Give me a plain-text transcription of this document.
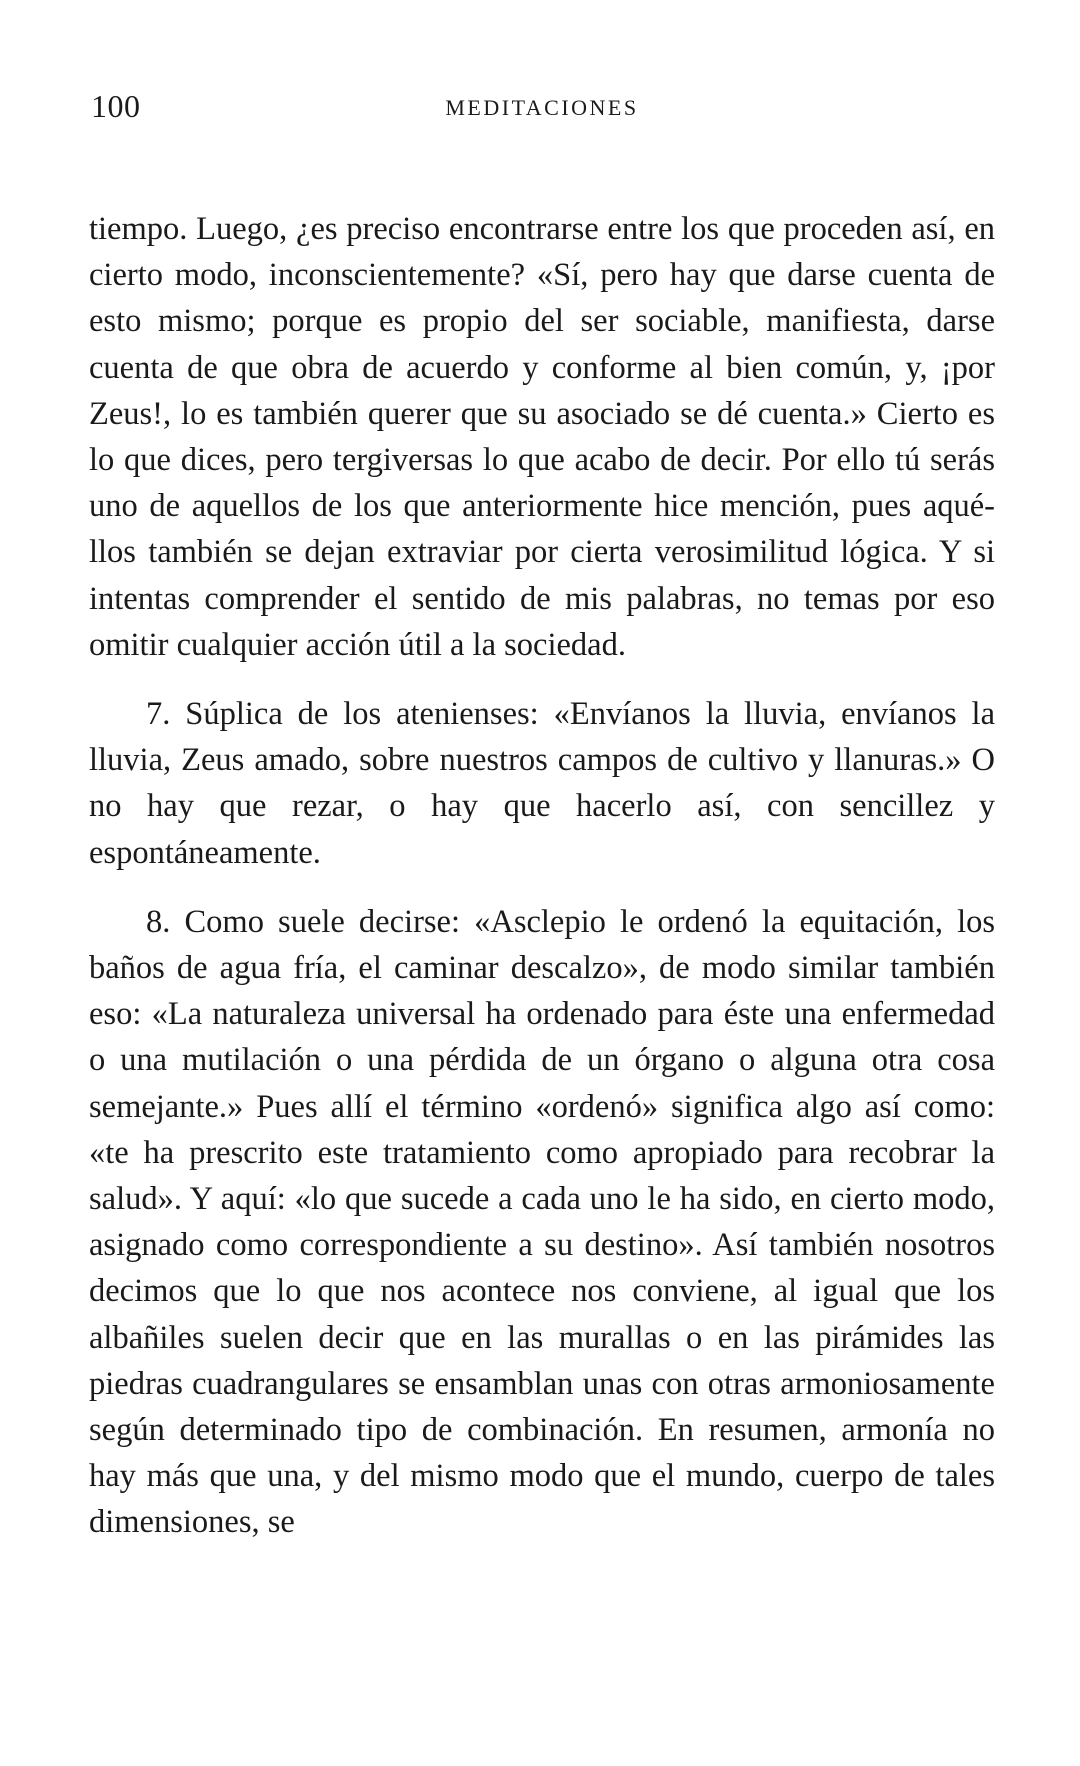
100	MEDITACIONES

tiempo. Luego, ¿es preciso encontrarse entre los que proceden así, en cierto modo, inconscientemente? «Sí, pero hay que darse cuenta de esto mismo; porque es propio del ser sociable, manifiesta, darse cuenta de que obra de acuerdo y conforme al bien común, y, ¡por Zeus!, lo es también querer que su asociado se dé cuenta.» Cierto es lo que dices, pero tergiversas lo que acabo de decir. Por ello tú serás uno de aquellos de los que anteriormente hice mención, pues aquéllos también se dejan extraviar por cierta verosimilitud lógica. Y si intentas comprender el sentido de mis palabras, no temas por eso omitir cualquier acción útil a la sociedad.

7. Súplica de los atenienses: «Envíanos la lluvia, envíanos la lluvia, Zeus amado, sobre nuestros campos de cultivo y llanuras.» O no hay que rezar, o hay que hacerlo así, con sencillez y espontáneamente.

8. Como suele decirse: «Asclepio le ordenó la equitación, los baños de agua fría, el caminar descalzo», de modo similar también eso: «La naturaleza universal ha ordenado para éste una enfermedad o una mutilación o una pérdida de un órgano o alguna otra cosa semejante.» Pues allí el término «ordenó» significa algo así como: «te ha prescrito este tratamiento como apropiado para recobrar la salud». Y aquí: «lo que sucede a cada uno le ha sido, en cierto modo, asignado como correspondiente a su destino». Así también nosotros decimos que lo que nos acontece nos conviene, al igual que los albañiles suelen decir que en las murallas o en las pirámides las piedras cuadrangulares se ensamblan unas con otras armoniosamente según determinado tipo de combinación. En resumen, armonía no hay más que una, y del mismo modo que el mundo, cuerpo de tales dimensiones, se
